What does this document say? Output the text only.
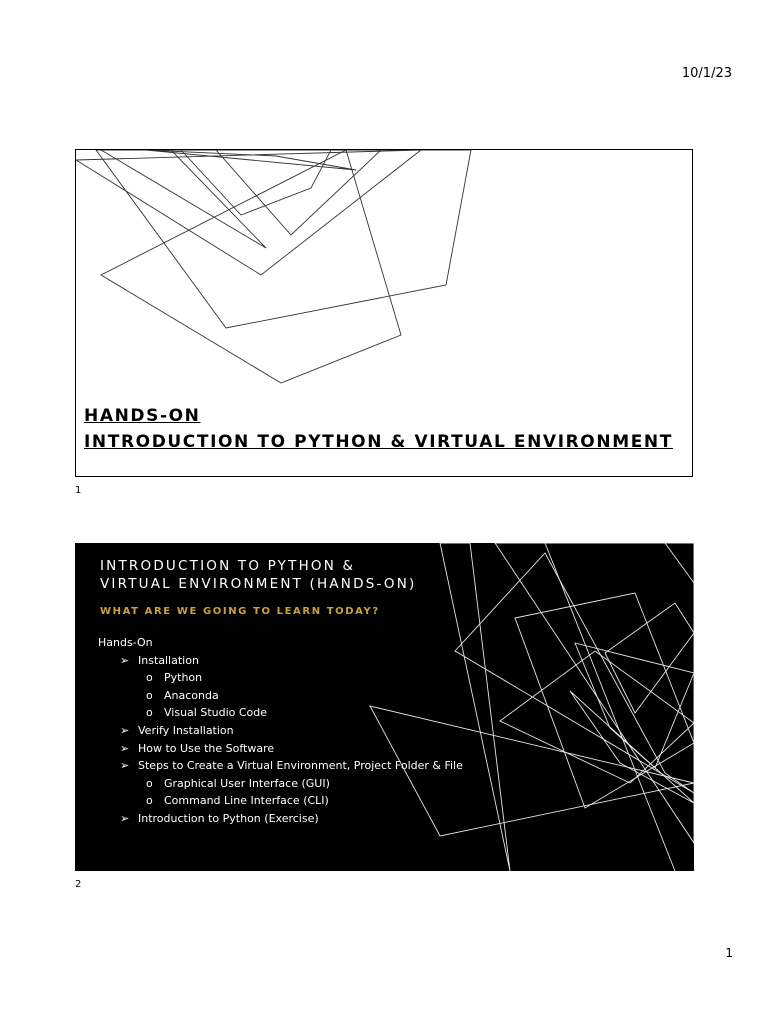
10/1/23
HANDS-ON
INTRODUCTION TO PYTHON & VIRTUAL ENVIRONMENT
1
INTRODUCTION TO PYTHON &
VIRTUAL ENVIRONMENT (HANDS-ON)
WHAT ARE WE GOING TO LEARN TODAY?
Hands-On
➢ Installation
o Python
o Anaconda
o Visual Studio Code
➢ Verify Installation
➢ How to Use the Software
➢ Steps to Create a Virtual Environment, Project Folder & File
o Graphical User Interface (GUI)
o Command Line Interface (CLI)
➢ Introduction to Python (Exercise)
2
1
